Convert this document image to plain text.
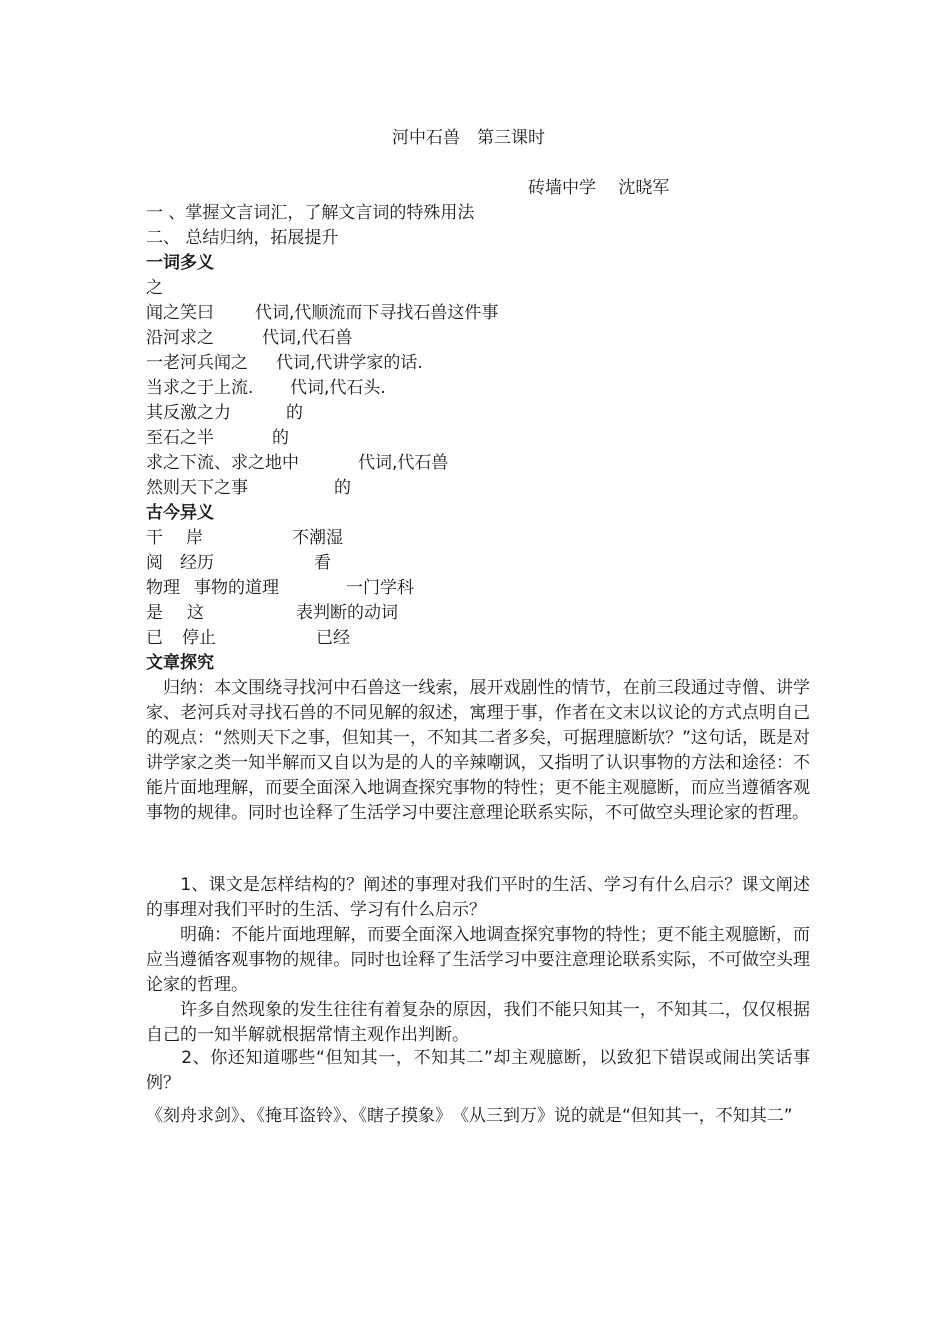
河中石兽　第三课时
砖墙中学　 沈晓军
一 、掌握文言词汇，了解文言词的特殊用法
二、 总结归纳，拓展提升
一词多义
之
闻之笑曰 代词,代顺流而下寻找石兽这件事
沿河求之	代词,代石兽
一老河兵闻之 代词,代讲学家的话.
当求之于上流. 代词,代石头.
其反激之力	的
至石之半	的
求之下流、求之地中	代词,代石兽
然则天下之事	的
古今异义
干 岸	不潮湿
阅 经历	看
物理 事物的道理	一门学科
是 这	表判断的动词
已 停止	已经
文章探究

　归纳：本文围绕寻找河中石兽这一线索，展开戏剧性的情节，在前三段通过寺僧、讲学家、老河兵对寻找石兽的不同见解的叙述，寓理于事，作者在文末以议论的方式点明自己的观点：“然则天下之事，但知其一，不知其二者多矣，可据理臆断欤？”这句话，既是对讲学家之类一知半解而又自以为是的人的辛辣嘲讽，又指明了认识事物的方法和途径：不能片面地理解，而要全面深入地调查探究事物的特性；更不能主观臆断，而应当遵循客观事物的规律。同时也诠释了生活学习中要注意理论联系实际，不可做空头理论家的哲理。

　　1、课文是怎样结构的？阐述的事理对我们平时的生活、学习有什么启示？课文阐述的事理对我们平时的生活、学习有什么启示？

　　明确：不能片面地理解，而要全面深入地调查探究事物的特性；更不能主观臆断，而应当遵循客观事物的规律。同时也诠释了生活学习中要注意理论联系实际，不可做空头理论家的哲理。

　　许多自然现象的发生往往有着复杂的原因，我们不能只知其一，不知其二，仅仅根据自己的一知半解就根据常情主观作出判断。

　　2、你还知道哪些“但知其一，不知其二”却主观臆断，以致犯下错误或闹出笑话事例？

《刻舟求剑》、《掩耳盗铃》、《瞎子摸象》　《从三到万》说的就是“但知其一，不知其二”
